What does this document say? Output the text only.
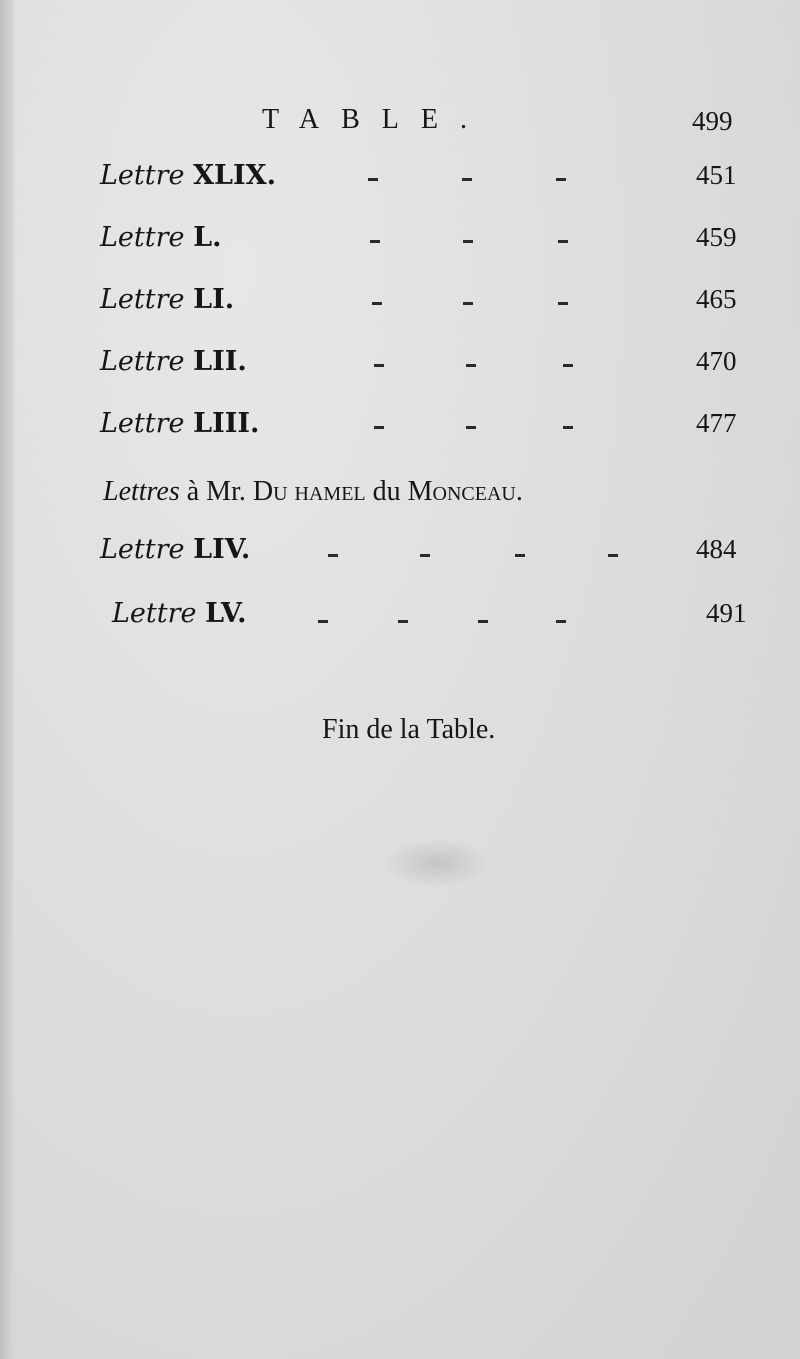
TABLE.	499
Lettre XLIX.	451
Lettre L.	459
Lettre LI.	465
Lettre LII.	470
Lettre LIII.	477
Lettres à Mr. Du hamel du Monceau.
Lettre LIV.	484
Lettre LV.	491
Fin de la Table.
